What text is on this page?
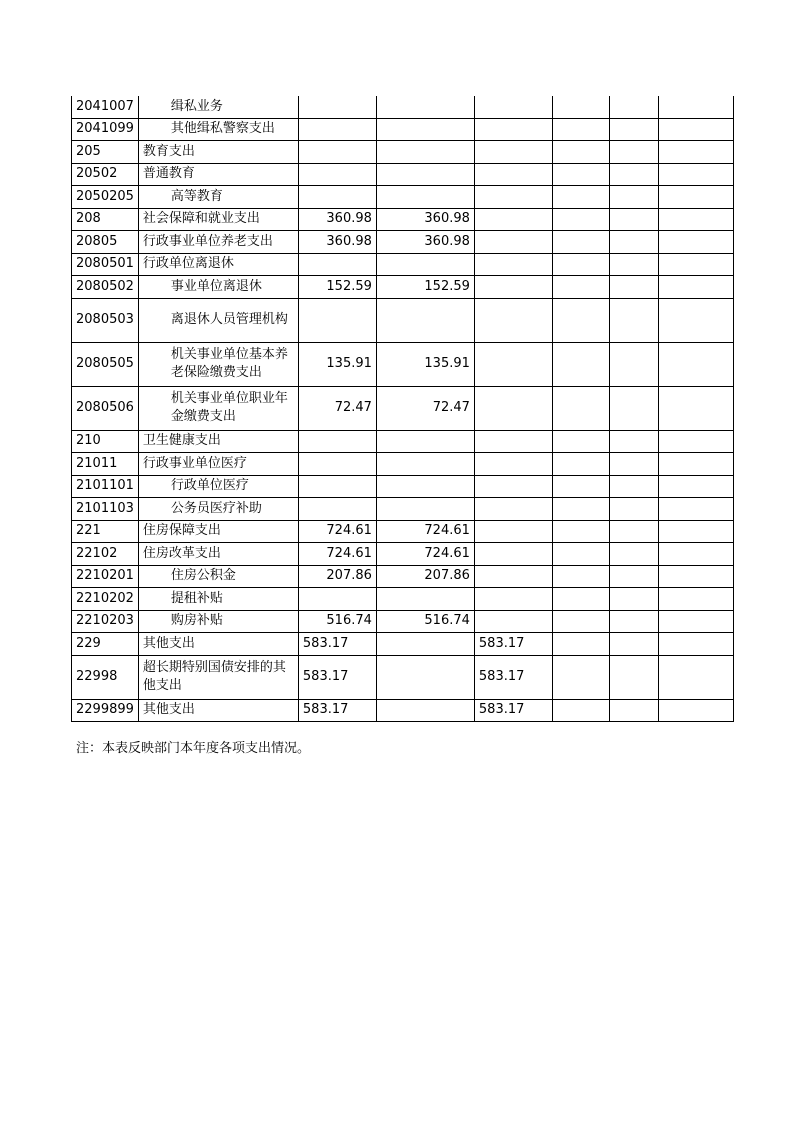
2041007	缉私业务						
2041099	其他缉私警察支出						
205	教育支出						
20502	普通教育						
2050205	高等教育						
208	社会保障和就业支出	360.98	360.98				
20805	行政事业单位养老支出	360.98	360.98				
2080501	行政单位离退休						
2080502	事业单位离退休	152.59	152.59				
2080503	离退休人员管理机构						
2080505	机关事业单位基本养老保险缴费支出	135.91	135.91				
2080506	机关事业单位职业年金缴费支出	72.47	72.47				
210	卫生健康支出						
21011	行政事业单位医疗						
2101101	行政单位医疗						
2101103	公务员医疗补助						
221	住房保障支出	724.61	724.61				
22102	住房改革支出	724.61	724.61				
2210201	住房公积金	207.86	207.86				
2210202	提租补贴						
2210203	购房补贴	516.74	516.74				
229	其他支出	583.17		583.17			
22998	超长期特别国债安排的其他支出	583.17		583.17			
2299899	其他支出	583.17		583.17			
注：本表反映部门本年度各项支出情况。
